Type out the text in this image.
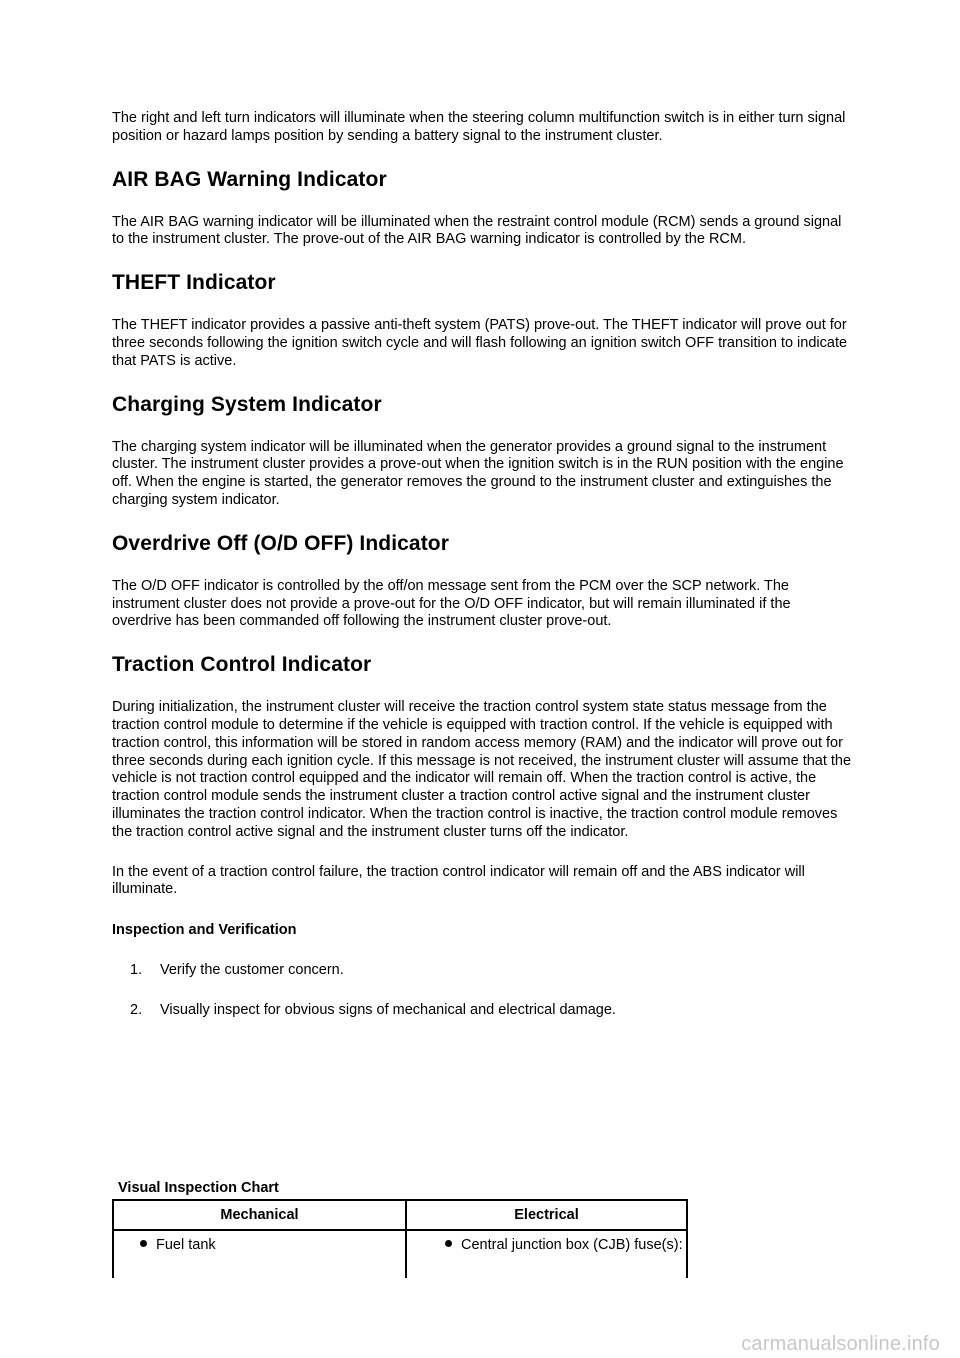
The right and left turn indicators will illuminate when the steering column multifunction switch is in either turn signal position or hazard lamps position by sending a battery signal to the instrument cluster.

AIR BAG Warning Indicator

The AIR BAG warning indicator will be illuminated when the restraint control module (RCM) sends a ground signal to the instrument cluster. The prove-out of the AIR BAG warning indicator is controlled by the RCM.

THEFT Indicator

The THEFT indicator provides a passive anti-theft system (PATS) prove-out. The THEFT indicator will prove out for three seconds following the ignition switch cycle and will flash following an ignition switch OFF transition to indicate that PATS is active.

Charging System Indicator

The charging system indicator will be illuminated when the generator provides a ground signal to the instrument cluster. The instrument cluster provides a prove-out when the ignition switch is in the RUN position with the engine off. When the engine is started, the generator removes the ground to the instrument cluster and extinguishes the charging system indicator.

Overdrive Off (O/D OFF) Indicator

The O/D OFF indicator is controlled by the off/on message sent from the PCM over the SCP network. The instrument cluster does not provide a prove-out for the O/D OFF indicator, but will remain illuminated if the overdrive has been commanded off following the instrument cluster prove-out.

Traction Control Indicator

During initialization, the instrument cluster will receive the traction control system state status message from the traction control module to determine if the vehicle is equipped with traction control. If the vehicle is equipped with traction control, this information will be stored in random access memory (RAM) and the indicator will prove out for three seconds during each ignition cycle. If this message is not received, the instrument cluster will assume that the vehicle is not traction control equipped and the indicator will remain off. When the traction control is active, the traction control module sends the instrument cluster a traction control active signal and the instrument cluster illuminates the traction control indicator. When the traction control is inactive, the traction control module removes the traction control active signal and the instrument cluster turns off the indicator.

In the event of a traction control failure, the traction control indicator will remain off and the ABS indicator will illuminate.

Inspection and Verification
1.	Verify the customer concern.
2.	Visually inspect for obvious signs of mechanical and electrical damage.
Visual Inspection Chart
Mechanical	Electrical
Fuel tank	Central junction box (CJB) fuse(s):
carmanualsonline.info
